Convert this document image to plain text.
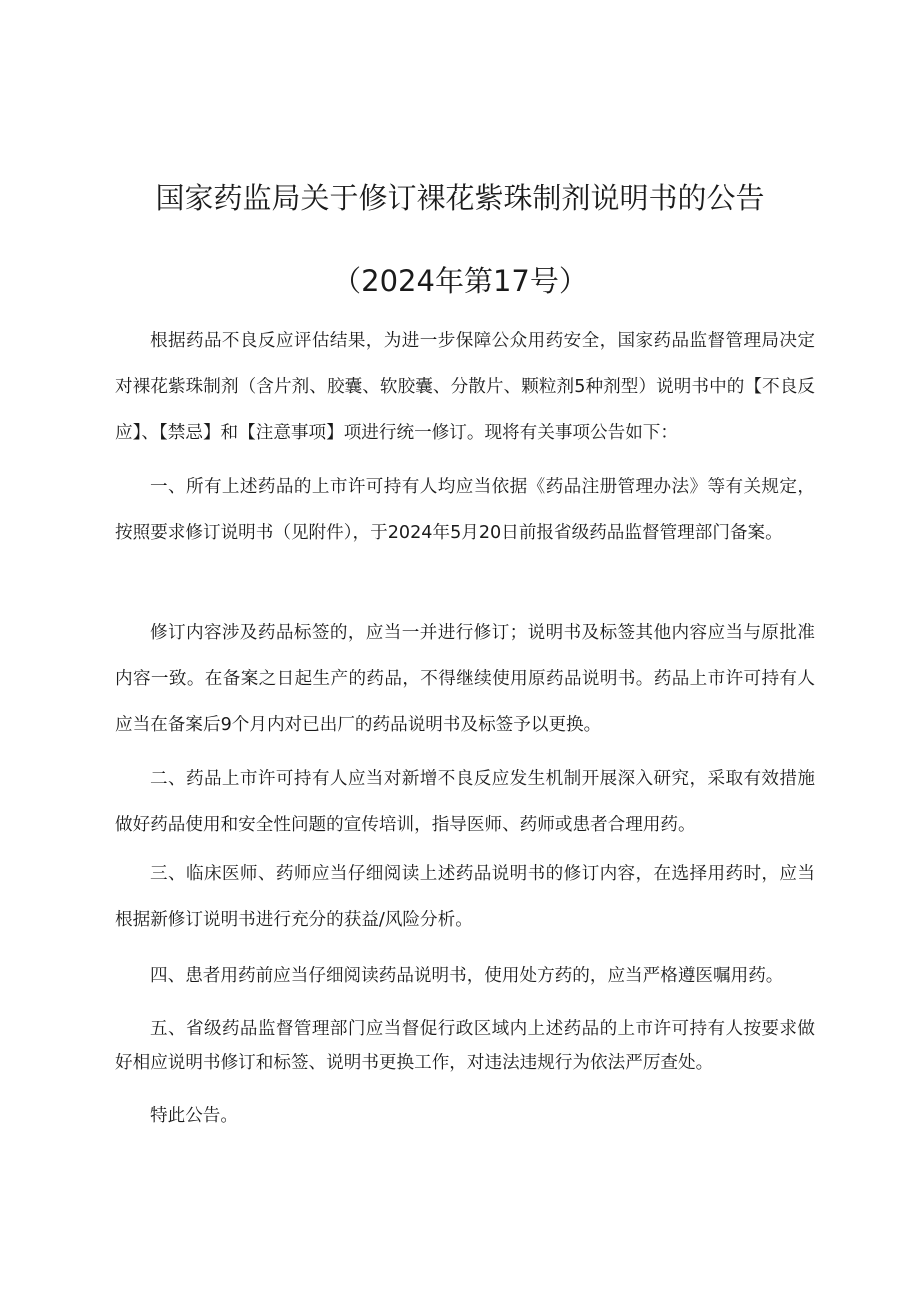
国家药监局关于修订裸花紫珠制剂说明书的公告
（2024年第17号）

根据药品不良反应评估结果，为进一步保障公众用药安全，国家药品监督管理局决定对裸花紫珠制剂（含片剂、胶囊、软胶囊、分散片、颗粒剂5种剂型）说明书中的【不良反应】、【禁忌】和【注意事项】项进行统一修订。现将有关事项公告如下：

一、所有上述药品的上市许可持有人均应当依据《药品注册管理办法》等有关规定，按照要求修订说明书（见附件），于2024年5月20日前报省级药品监督管理部门备案。

修订内容涉及药品标签的，应当一并进行修订；说明书及标签其他内容应当与原批准内容一致。在备案之日起生产的药品，不得继续使用原药品说明书。药品上市许可持有人应当在备案后9个月内对已出厂的药品说明书及标签予以更换。

二、药品上市许可持有人应当对新增不良反应发生机制开展深入研究，采取有效措施做好药品使用和安全性问题的宣传培训，指导医师、药师或患者合理用药。

三、临床医师、药师应当仔细阅读上述药品说明书的修订内容，在选择用药时，应当根据新修订说明书进行充分的获益/风险分析。

四、患者用药前应当仔细阅读药品说明书，使用处方药的，应当严格遵医嘱用药。

五、省级药品监督管理部门应当督促行政区域内上述药品的上市许可持有人按要求做好相应说明书修订和标签、说明书更换工作，对违法违规行为依法严厉查处。

特此公告。
